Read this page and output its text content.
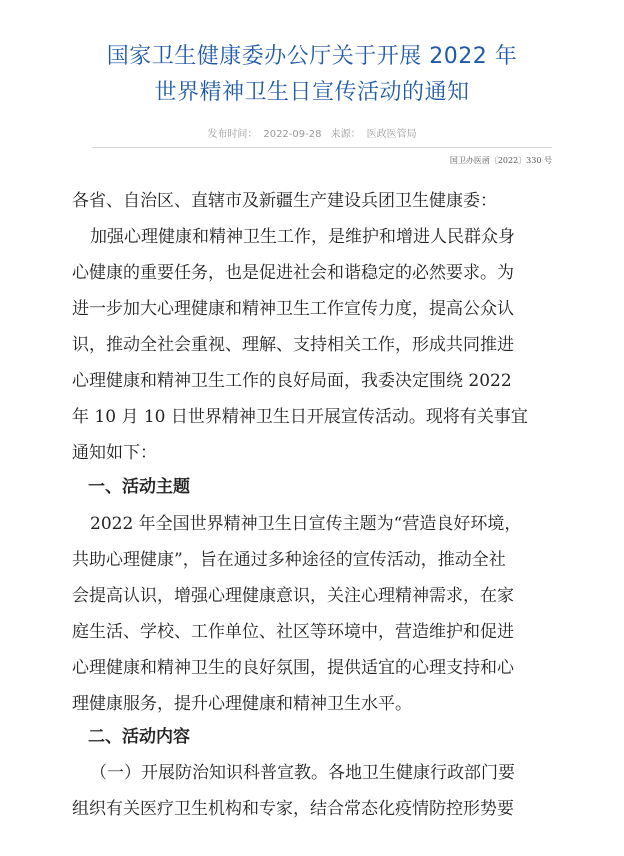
国家卫生健康委办公厅关于开展 2022 年
世界精神卫生日宣传活动的通知
发布时间： 2022-09-28 来源： 医政医管局
国卫办医函〔2022〕330 号
各省、自治区、直辖市及新疆生产建设兵团卫生健康委：
加强心理健康和精神卫生工作，是维护和增进人民群众身
心健康的重要任务，也是促进社会和谐稳定的必然要求。为
进一步加大心理健康和精神卫生工作宣传力度，提高公众认
识，推动全社会重视、理解、支持相关工作，形成共同推进
心理健康和精神卫生工作的良好局面，我委决定围绕 2022
年 10 月 10 日世界精神卫生日开展宣传活动。现将有关事宜
通知如下：
一、活动主题
2022 年全国世界精神卫生日宣传主题为“营造良好环境，
共助心理健康”，旨在通过多种途径的宣传活动，推动全社
会提高认识，增强心理健康意识，关注心理精神需求，在家
庭生活、学校、工作单位、社区等环境中，营造维护和促进
心理健康和精神卫生的良好氛围，提供适宜的心理支持和心
理健康服务，提升心理健康和精神卫生水平。
二、活动内容
（一）开展防治知识科普宣教。各地卫生健康行政部门要
组织有关医疗卫生机构和专家，结合常态化疫情防控形势要
